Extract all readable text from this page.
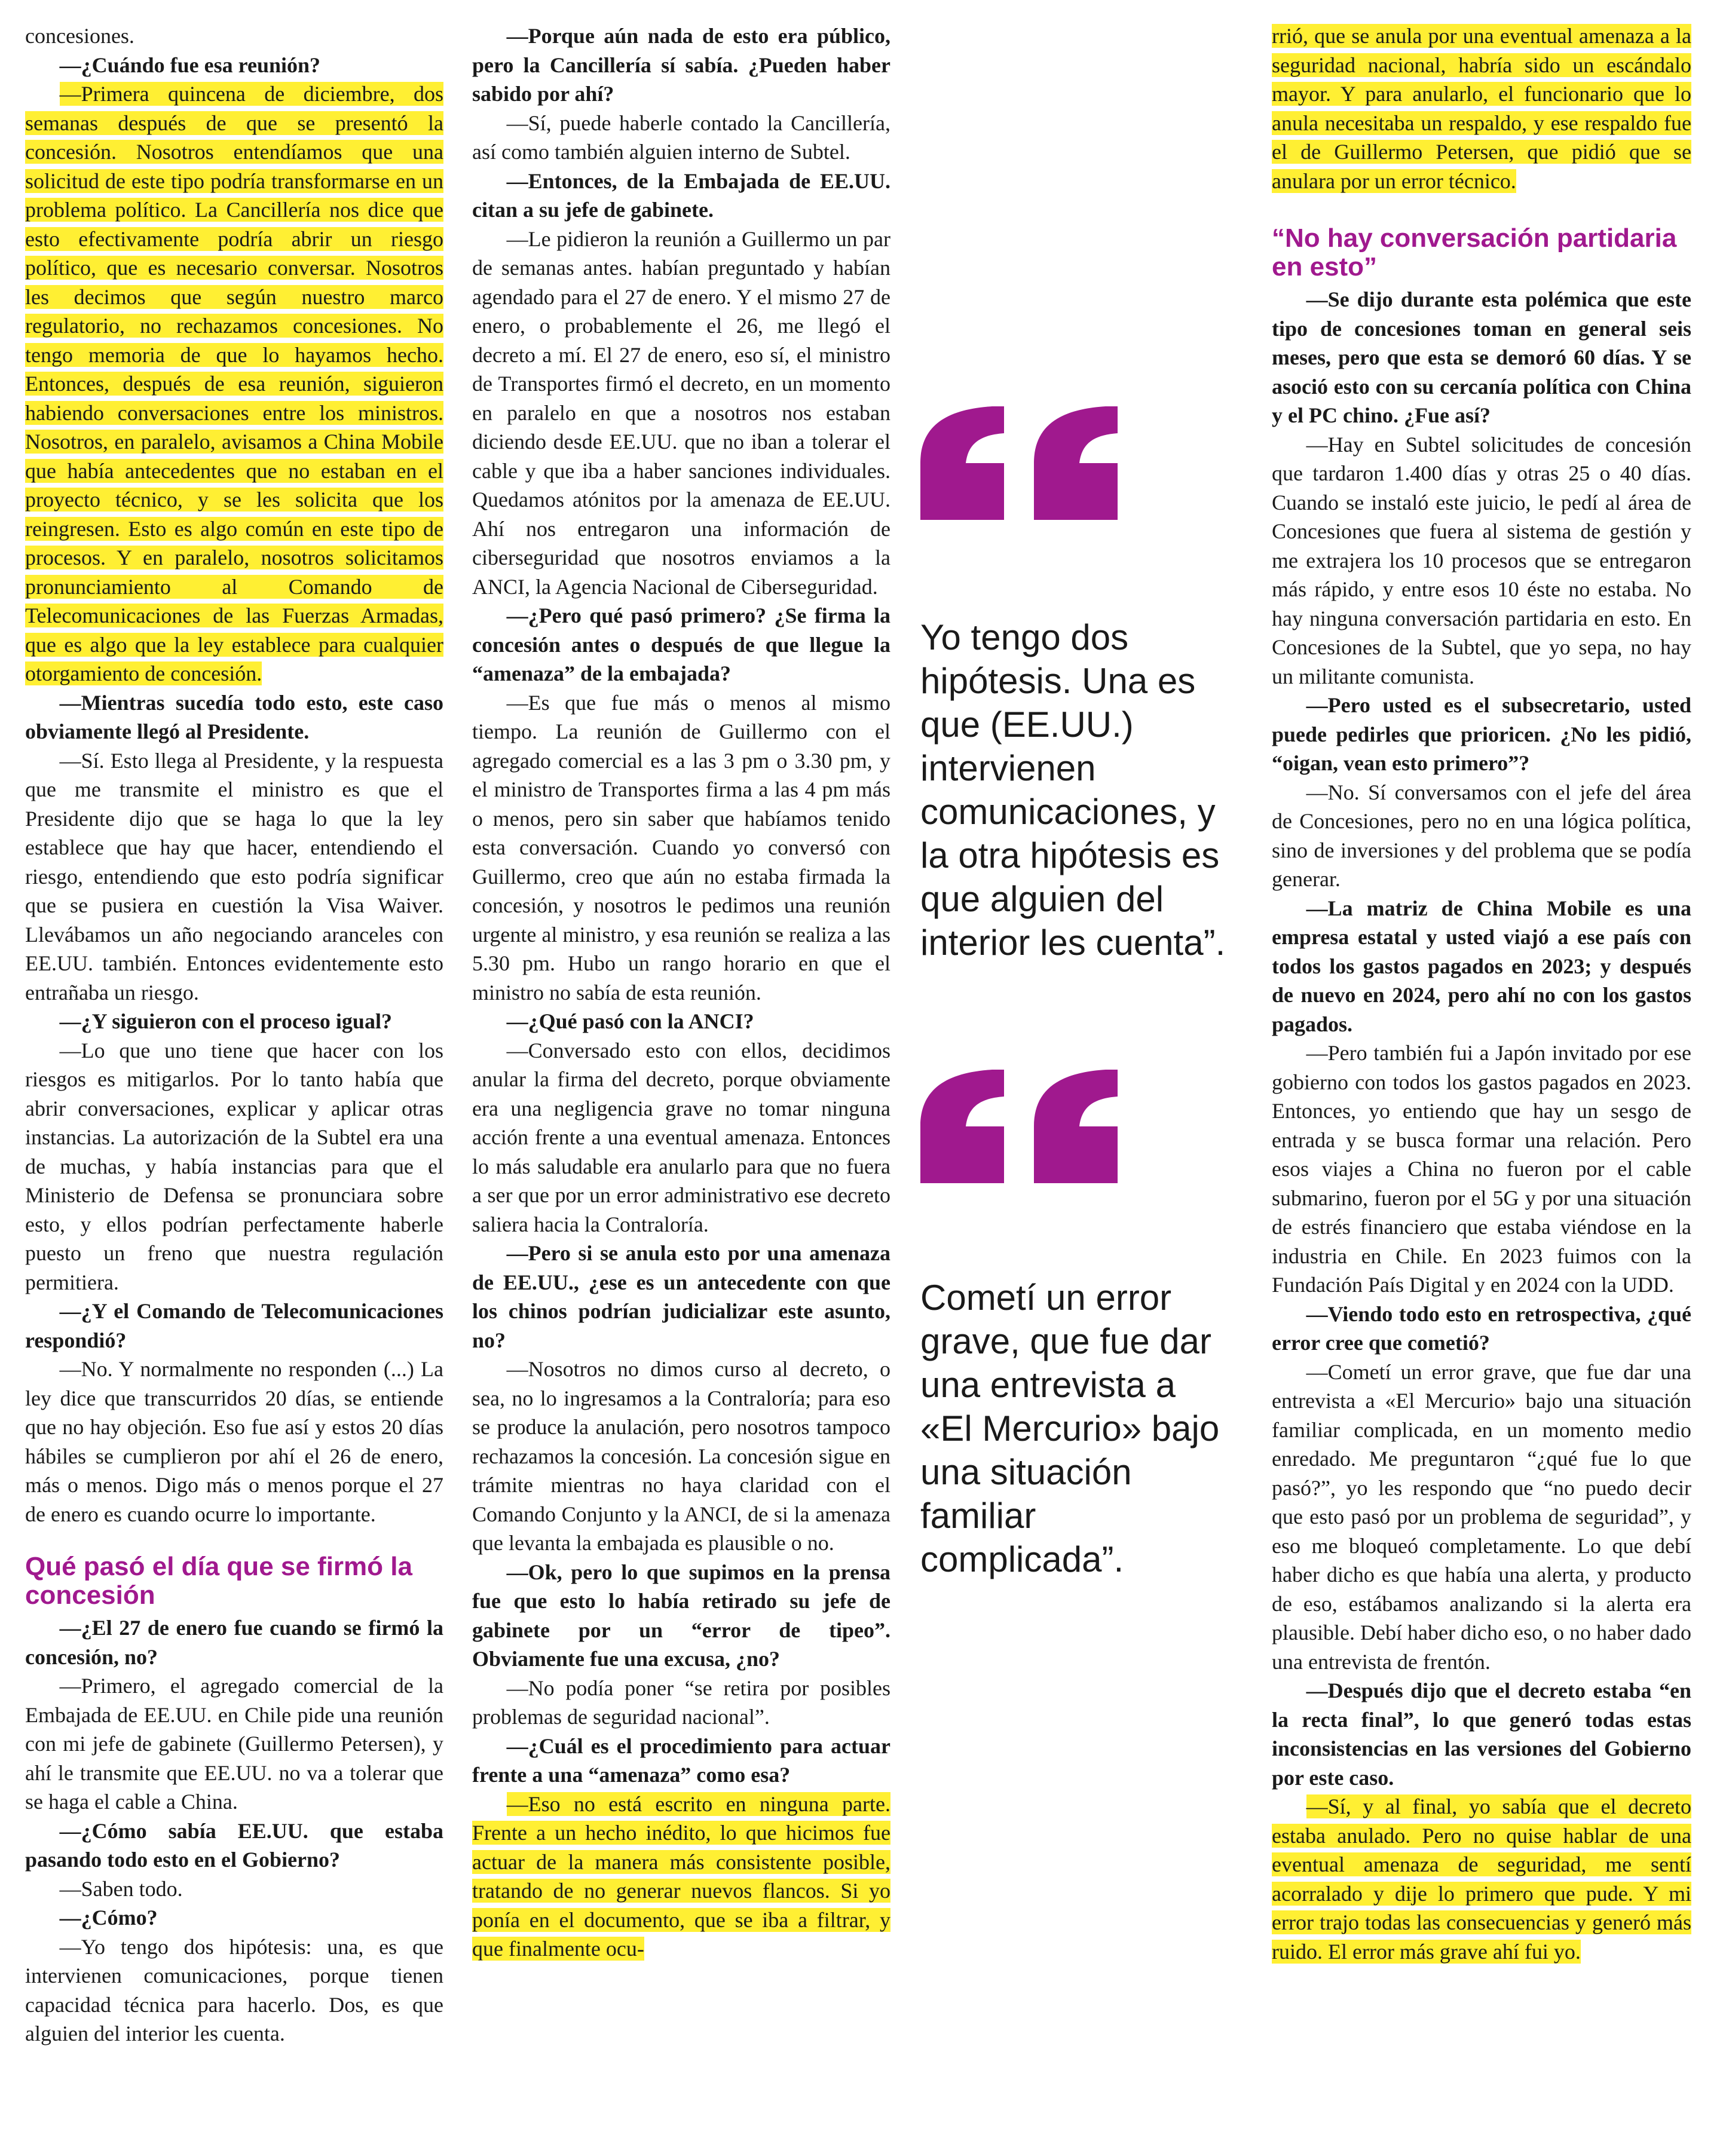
concesiones.

—¿Cuándo fue esa reunión?

—Primera quincena de diciembre, dos semanas después de que se presentó la concesión. Nosotros entendíamos que una solicitud de este tipo podría transformarse en un problema político. La Cancillería nos dice que esto efectivamente podría abrir un riesgo político, que es necesario conversar. Nosotros les decimos que según nuestro marco regulatorio, no rechazamos concesiones. No tengo memoria de que lo hayamos hecho. Entonces, después de esa reunión, siguieron habiendo conversaciones entre los ministros. Nosotros, en paralelo, avisamos a China Mobile que había antecedentes que no estaban en el proyecto técnico, y se les solicita que los reingresen. Esto es algo común en este tipo de procesos. Y en paralelo, nosotros solicitamos pronunciamiento al Comando de Telecomunicaciones de las Fuerzas Armadas, que es algo que la ley establece para cualquier otorgamiento de concesión.

—Mientras sucedía todo esto, este caso obviamente llegó al Presidente.

—Sí. Esto llega al Presidente, y la respuesta que me transmite el ministro es que el Presidente dijo que se haga lo que la ley establece que hay que hacer, entendiendo el riesgo, entendiendo que esto podría significar que se pusiera en cuestión la Visa Waiver. Llevábamos un año negociando aranceles con EE.UU. también. Entonces evidentemente esto entrañaba un riesgo.

—¿Y siguieron con el proceso igual?

—Lo que uno tiene que hacer con los riesgos es mitigarlos. Por lo tanto había que abrir conversaciones, explicar y aplicar otras instancias. La autorización de la Subtel era una de muchas, y había instancias para que el Ministerio de Defensa se pronunciara sobre esto, y ellos podrían perfectamente haberle puesto un freno que nuestra regulación permitiera.

—¿Y el Comando de Telecomunicaciones respondió?

—No. Y normalmente no responden (...) La ley dice que transcurridos 20 días, se entiende que no hay objeción. Eso fue así y estos 20 días hábiles se cumplieron por ahí el 26 de enero, más o menos. Digo más o menos porque el 27 de enero es cuando ocurre lo importante.

Qué pasó el día que se firmó la concesión

—¿El 27 de enero fue cuando se firmó la concesión, no?

—Primero, el agregado comercial de la Embajada de EE.UU. en Chile pide una reunión con mi jefe de gabinete (Guillermo Petersen), y ahí le transmite que EE.UU. no va a tolerar que se haga el cable a China.

—¿Cómo sabía EE.UU. que estaba pasando todo esto en el Gobierno?

—Saben todo.

—¿Cómo?

—Yo tengo dos hipótesis: una, es que intervienen comunicaciones, porque tienen capacidad técnica para hacerlo. Dos, es que alguien del interior les cuenta.

—Porque aún nada de esto era público, pero la Cancillería sí sabía. ¿Pueden haber sabido por ahí?

—Sí, puede haberle contado la Cancillería, así como también alguien interno de Subtel.

—Entonces, de la Embajada de EE.UU. citan a su jefe de gabinete.

—Le pidieron la reunión a Guillermo un par de semanas antes. habían preguntado y habían agendado para el 27 de enero. Y el mismo 27 de enero, o probablemente el 26, me llegó el decreto a mí. El 27 de enero, eso sí, el ministro de Transportes firmó el decreto, en un momento en paralelo en que a nosotros nos estaban diciendo desde EE.UU. que no iban a tolerar el cable y que iba a haber sanciones individuales. Quedamos atónitos por la amenaza de EE.UU. Ahí nos entregaron una información de ciberseguridad que nosotros enviamos a la ANCI, la Agencia Nacional de Ciberseguridad.

—¿Pero qué pasó primero? ¿Se firma la concesión antes o después de que llegue la “amenaza” de la embajada?

—Es que fue más o menos al mismo tiempo. La reunión de Guillermo con el agregado comercial es a las 3 pm o 3.30 pm, y el ministro de Transportes firma a las 4 pm más o menos, pero sin saber que habíamos tenido esta conversación. Cuando yo conversó con Guillermo, creo que aún no estaba firmada la concesión, y nosotros le pedimos una reunión urgente al ministro, y esa reunión se realiza a las 5.30 pm. Hubo un rango horario en que el ministro no sabía de esta reunión.

—¿Qué pasó con la ANCI?

—Conversado esto con ellos, decidimos anular la firma del decreto, porque obviamente era una negligencia grave no tomar ninguna acción frente a una eventual amenaza. Entonces lo más saludable era anularlo para que no fuera a ser que por un error administrativo ese decreto saliera hacia la Contraloría.

—Pero si se anula esto por una amenaza de EE.UU., ¿ese es un antecedente con que los chinos podrían judicializar este asunto, no?

—Nosotros no dimos curso al decreto, o sea, no lo ingresamos a la Contraloría; para eso se produce la anulación, pero nosotros tampoco rechazamos la concesión. La concesión sigue en trámite mientras no haya claridad con el Comando Conjunto y la ANCI, de si la amenaza que levanta la embajada es plausible o no.

—Ok, pero lo que supimos en la prensa fue que esto lo había retirado su jefe de gabinete por un “error de tipeo”. Obviamente fue una excusa, ¿no?

—No podía poner “se retira por posibles problemas de seguridad nacional”.

—¿Cuál es el procedimiento para actuar frente a una “amenaza” como esa?

—Eso no está escrito en ninguna parte. Frente a un hecho inédito, lo que hicimos fue actuar de la manera más consistente posible, tratando de no generar nuevos flancos. Si yo ponía en el documento, que se iba a filtrar, y que finalmente ocu-

Yo tengo dos hipótesis. Una es que (EE.UU.) intervienen comunicaciones, y la otra hipótesis es que alguien del interior les cuenta”.
Cometí un error grave, que fue dar una entrevista a «El Mercurio» bajo una situación familiar complicada”.

rrió, que se anula por una eventual amenaza a la seguridad nacional, habría sido un escándalo mayor. Y para anularlo, el funcionario que lo anula necesitaba un respaldo, y ese respaldo fue el de Guillermo Petersen, que pidió que se anulara por un error técnico.

“No hay conversación partidaria en esto”

—Se dijo durante esta polémica que este tipo de concesiones toman en general seis meses, pero que esta se demoró 60 días. Y se asoció esto con su cercanía política con China y el PC chino. ¿Fue así?

—Hay en Subtel solicitudes de concesión que tardaron 1.400 días y otras 25 o 40 días. Cuando se instaló este juicio, le pedí al área de Concesiones que fuera al sistema de gestión y me extrajera los 10 procesos que se entregaron más rápido, y entre esos 10 éste no estaba. No hay ninguna conversación partidaria en esto. En Concesiones de la Subtel, que yo sepa, no hay un militante comunista.

—Pero usted es el subsecretario, usted puede pedirles que prioricen. ¿No les pidió, “oigan, vean esto primero”?

—No. Sí conversamos con el jefe del área de Concesiones, pero no en una lógica política, sino de inversiones y del problema que se podía generar.

—La matriz de China Mobile es una empresa estatal y usted viajó a ese país con todos los gastos pagados en 2023; y después de nuevo en 2024, pero ahí no con los gastos pagados.

—Pero también fui a Japón invitado por ese gobierno con todos los gastos pagados en 2023. Entonces, yo entiendo que hay un sesgo de entrada y se busca formar una relación. Pero esos viajes a China no fueron por el cable submarino, fueron por el 5G y por una situación de estrés financiero que estaba viéndose en la industria en Chile. En 2023 fuimos con la Fundación País Digital y en 2024 con la UDD.

—Viendo todo esto en retrospectiva, ¿qué error cree que cometió?

—Cometí un error grave, que fue dar una entrevista a «El Mercurio» bajo una situación familiar complicada, en un momento medio enredado. Me preguntaron “¿qué fue lo que pasó?”, yo les respondo que “no puedo decir que esto pasó por un problema de seguridad”, y eso me bloqueó completamente. Lo que debí haber dicho es que había una alerta, y producto de eso, estábamos analizando si la alerta era plausible. Debí haber dicho eso, o no haber dado una entrevista de frentón.

—Después dijo que el decreto estaba “en la recta final”, lo que generó todas estas inconsistencias en las versiones del Gobierno por este caso.

—Sí, y al final, yo sabía que el decreto estaba anulado. Pero no quise hablar de una eventual amenaza de seguridad, me sentí acorralado y dije lo primero que pude. Y mi error trajo todas las consecuencias y generó más ruido. El error más grave ahí fui yo.
